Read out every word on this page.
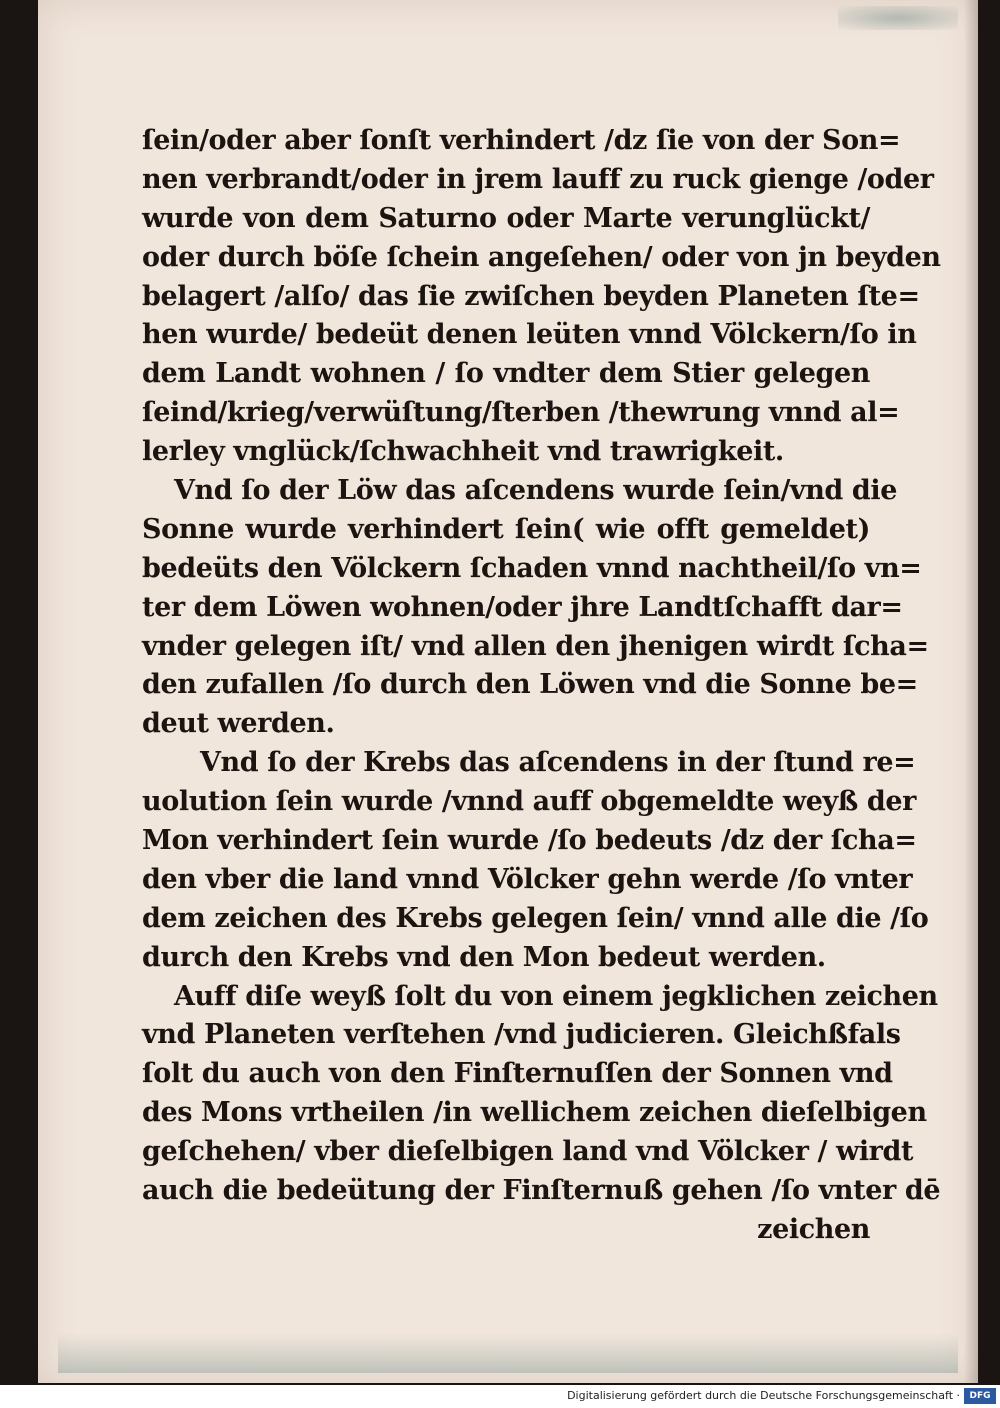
ſein/oder aber ſonſt verhindert /dz ſie von der Son=
nen verbrandt/oder in jrem lauff zu ruck gienge /oder
wurde von dem Saturno oder Marte verunglückt/
oder durch böſe ſchein angeſehen/ oder von jn beyden
belagert /alſo/ das ſie zwiſchen beyden Planeten ſte=
hen wurde/ bedeüt denen leüten vnnd Völckern/ſo in
dem Landt wohnen / ſo vndter dem Stier gelegen
ſeind/krieg/verwüſtung/ſterben /thewrung vnnd al=
lerley vnglück/ſchwachheit vnd trawrigkeit.
Vnd ſo der Löw das aſcendens wurde ſein/vnd die
Sonne wurde verhindert ſein( wie offt gemeldet)
bedeüts den Völckern ſchaden vnnd nachtheil/ſo vn=
ter dem Löwen wohnen/oder jhre Landtſchafft dar=
vnder gelegen iſt/ vnd allen den jhenigen wirdt ſcha=
den zufallen /ſo durch den Löwen vnd die Sonne be=
deut werden.
Vnd ſo der Krebs das aſcendens in der ſtund re=
uolution ſein wurde /vnnd auff obgemeldte weyß der
Mon verhindert ſein wurde /ſo bedeuts /dz der ſcha=
den vber die land vnnd Völcker gehn werde /ſo vnter
dem zeichen des Krebs gelegen ſein/ vnnd alle die /ſo
durch den Krebs vnd den Mon bedeut werden.
Auff diſe weyß ſolt du von einem jegklichen zeichen
vnd Planeten verſtehen /vnd judicieren. Gleichßfals
ſolt du auch von den Finſternuſſen der Sonnen vnd
des Mons vrtheilen /in wellichem zeichen dieſelbigen
geſchehen/ vber dieſelbigen land vnd Völcker / wirdt
auch die bedeütung der Finſternuß gehen /ſo vnter dē
zeichen
Digitalisierung gefördert durch die Deutsche Forschungsgemeinschaft ·	DFG
